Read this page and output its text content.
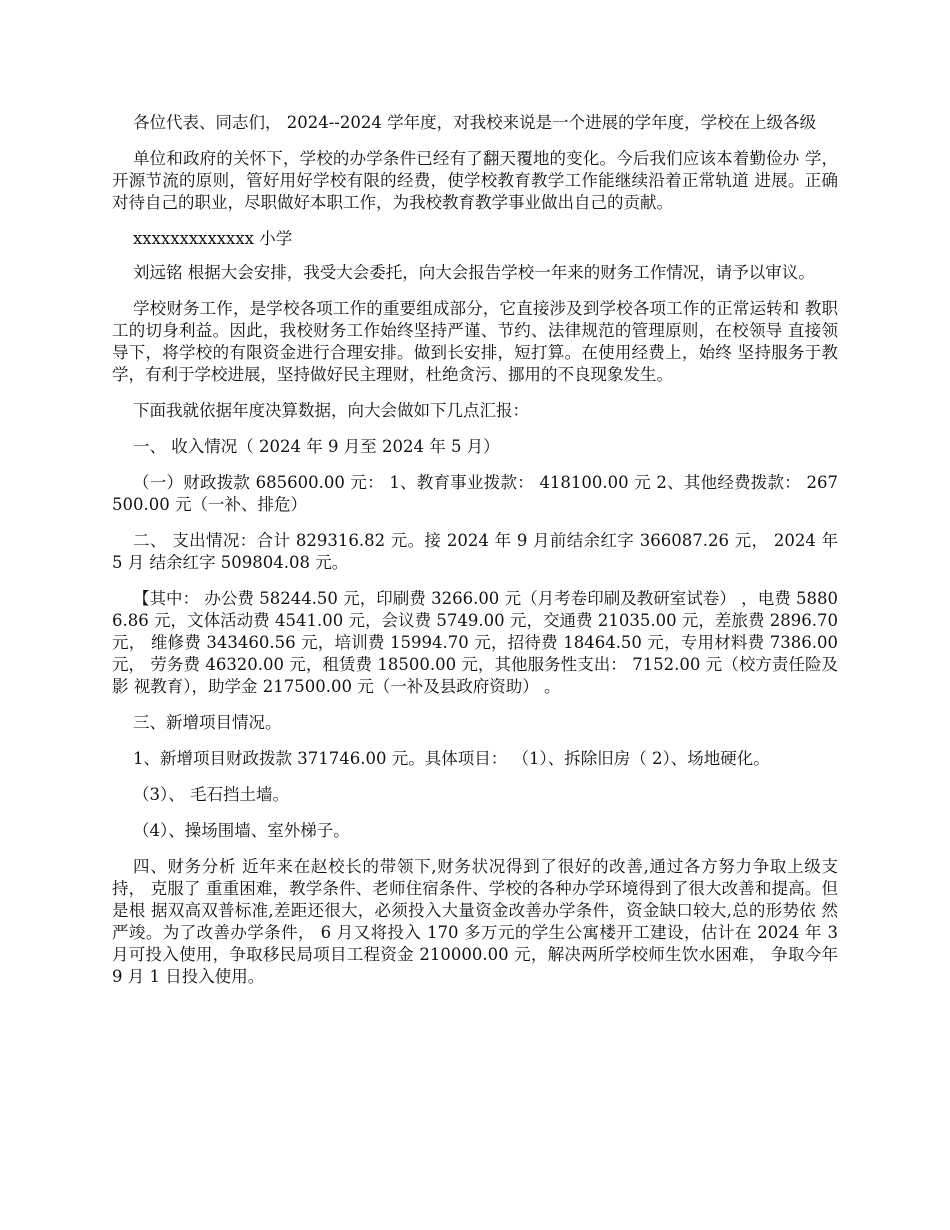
各位代表、同志们， 2024--2024 学年度，对我校来说是一个进展的学年度，学校在上级各级

单位和政府的关怀下，学校的办学条件已经有了翻天覆地的变化。今后我们应该本着勤俭办 学，开源节流的原则，管好用好学校有限的经费，使学校教育教学工作能继续沿着正常轨道 进展。正确对待自己的职业，尽职做好本职工作，为我校教育教学事业做出自己的贡献。

xxxxxxxxxxxxx 小学

刘远铭 根据大会安排，我受大会委托，向大会报告学校一年来的财务工作情况，请予以审议。

学校财务工作，是学校各项工作的重要组成部分，它直接涉及到学校各项工作的正常运转和 教职工的切身利益。因此，我校财务工作始终坚持严谨、节约、法律规范的管理原则，在校领导 直接领导下，将学校的有限资金进行合理安排。做到长安排，短打算。在使用经费上，始终 坚持服务于教学，有利于学校进展，坚持做好民主理财，杜绝贪污、挪用的不良现象发生。

下面我就依据年度决算数据，向大会做如下几点汇报：

一、 收入情况（ 2024 年 9 月至 2024 年 5 月）

（一）财政拨款 685600.00 元： 1、教育事业拨款： 418100.00 元 2、其他经费拨款： 267500.00 元（一补、排危）

二、 支出情况：合计 829316.82 元。接 2024 年 9 月前结余红字 366087.26 元， 2024 年 5 月 结余红字 509804.08 元。

【其中： 办公费 58244.50 元，印刷费 3266.00 元（月考卷印刷及教研室试卷） ，电费 58806.86 元，文体活动费 4541.00 元，会议费 5749.00 元，交通费 21035.00 元，差旅费 2896.70 元， 维修费 343460.56 元，培训费 15994.70 元，招待费 18464.50 元，专用材料费 7386.00 元， 劳务费 46320.00 元，租赁费 18500.00 元，其他服务性支出： 7152.00 元（校方责任险及影 视教育），助学金 217500.00 元（一补及县政府资助） 。

三、新增项目情况。

1、新增项目财政拨款 371746.00 元。具体项目： （1）、拆除旧房（ 2）、场地硬化。

（3）、 毛石挡土墙。

（4）、操场围墙、室外梯子。

四、财务分析 近年来在赵校长的带领下,财务状况得到了很好的改善,通过各方努力争取上级支持， 克服了 重重困难，教学条件、老师住宿条件、学校的各种办学环境得到了很大改善和提高。但是根 据双高双普标准,差距还很大，必须投入大量资金改善办学条件，资金缺口较大,总的形势依 然严竣。为了改善办学条件， 6 月又将投入 170 多万元的学生公寓楼开工建设，估计在 2024 年 3 月可投入使用，争取移民局项目工程资金 210000.00 元，解决两所学校师生饮水困难， 争取今年 9 月 1 日投入使用。
